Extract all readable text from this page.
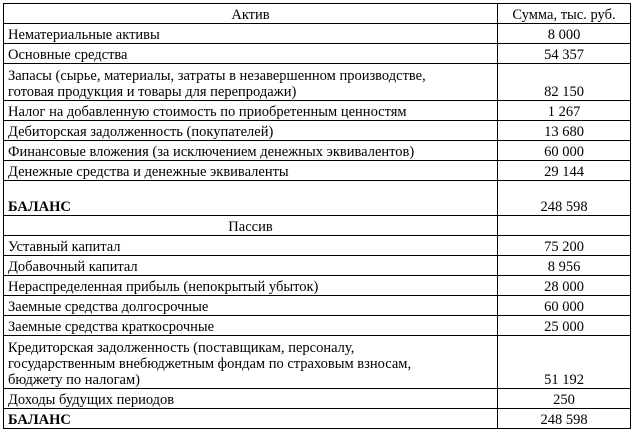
Актив	Сумма, тыс. руб.
Нематериальные активы	8 000
Основные средства	54 357
Запасы (сырье, материалы, затраты в незавершенном производстве,
готовая продукция и товары для перепродажи)	82 150
Налог на добавленную стоимость по приобретенным ценностям	1 267
Дебиторская задолженность (покупателей)	13 680
Финансовые вложения (за исключением денежных эквивалентов)	60 000
Денежные средства и денежные эквиваленты	29 144
БАЛАНС	248 598
Пассив	
Уставный капитал	75 200
Добавочный капитал	8 956
Нераспределенная прибыль (непокрытый убыток)	28 000
Заемные средства долгосрочные	60 000
Заемные средства краткосрочные	25 000
Кредиторская задолженность (поставщикам, персоналу,
государственным внебюджетным фондам по страховым взносам,
бюджету по налогам)	51 192
Доходы будущих периодов	250
БАЛАНС	248 598
